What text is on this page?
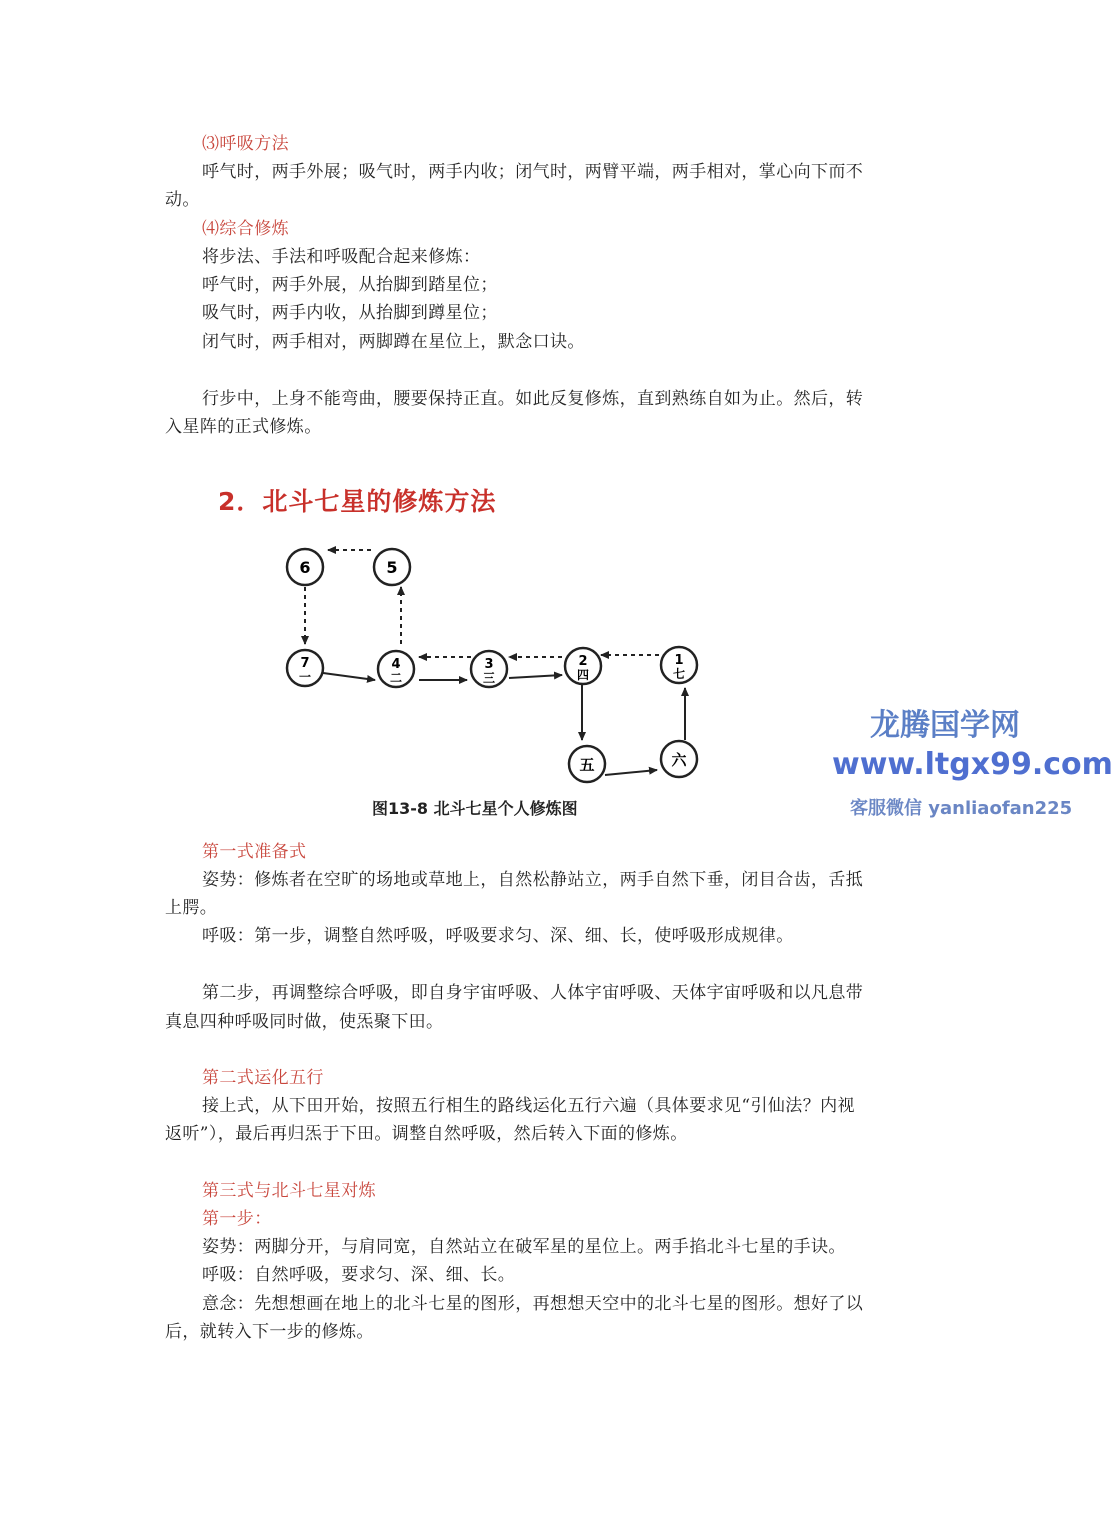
⑶呼吸方法
呼气时，两手外展；吸气时，两手内收；闭气时，两臂平端，两手相对，掌心向下而不
动。
⑷综合修炼
将步法、手法和呼吸配合起来修炼：
呼气时，两手外展，从抬脚到踏星位；
吸气时，两手内收，从抬脚到蹲星位；
闭气时，两手相对，两脚蹲在星位上，默念口诀。
行步中，上身不能弯曲，腰要保持正直。如此反复修炼，直到熟练自如为止。然后，转
入星阵的正式修炼。
2．北斗七星的修炼方法
6	5
7
一
4
二
3
三
2
四
1
七
五	六
图13-8 北斗七星个人修炼图
龙腾国学网
www.ltgx99.com
客服微信 yanliaofan225
第一式准备式
姿势：修炼者在空旷的场地或草地上，自然松静站立，两手自然下垂，闭目合齿，舌抵
上腭。
呼吸：第一步，调整自然呼吸，呼吸要求匀、深、细、长，使呼吸形成规律。
第二步，再调整综合呼吸，即自身宇宙呼吸、人体宇宙呼吸、天体宇宙呼吸和以凡息带
真息四种呼吸同时做，使炁聚下田。
第二式运化五行
接上式，从下田开始，按照五行相生的路线运化五行六遍（具体要求见“引仙法？内视
返听”），最后再归炁于下田。调整自然呼吸，然后转入下面的修炼。
第三式与北斗七星对炼
第一步：
姿势：两脚分开，与肩同宽，自然站立在破军星的星位上。两手掐北斗七星的手诀。
呼吸：自然呼吸，要求匀、深、细、长。
意念：先想想画在地上的北斗七星的图形，再想想天空中的北斗七星的图形。想好了以
后，就转入下一步的修炼。
